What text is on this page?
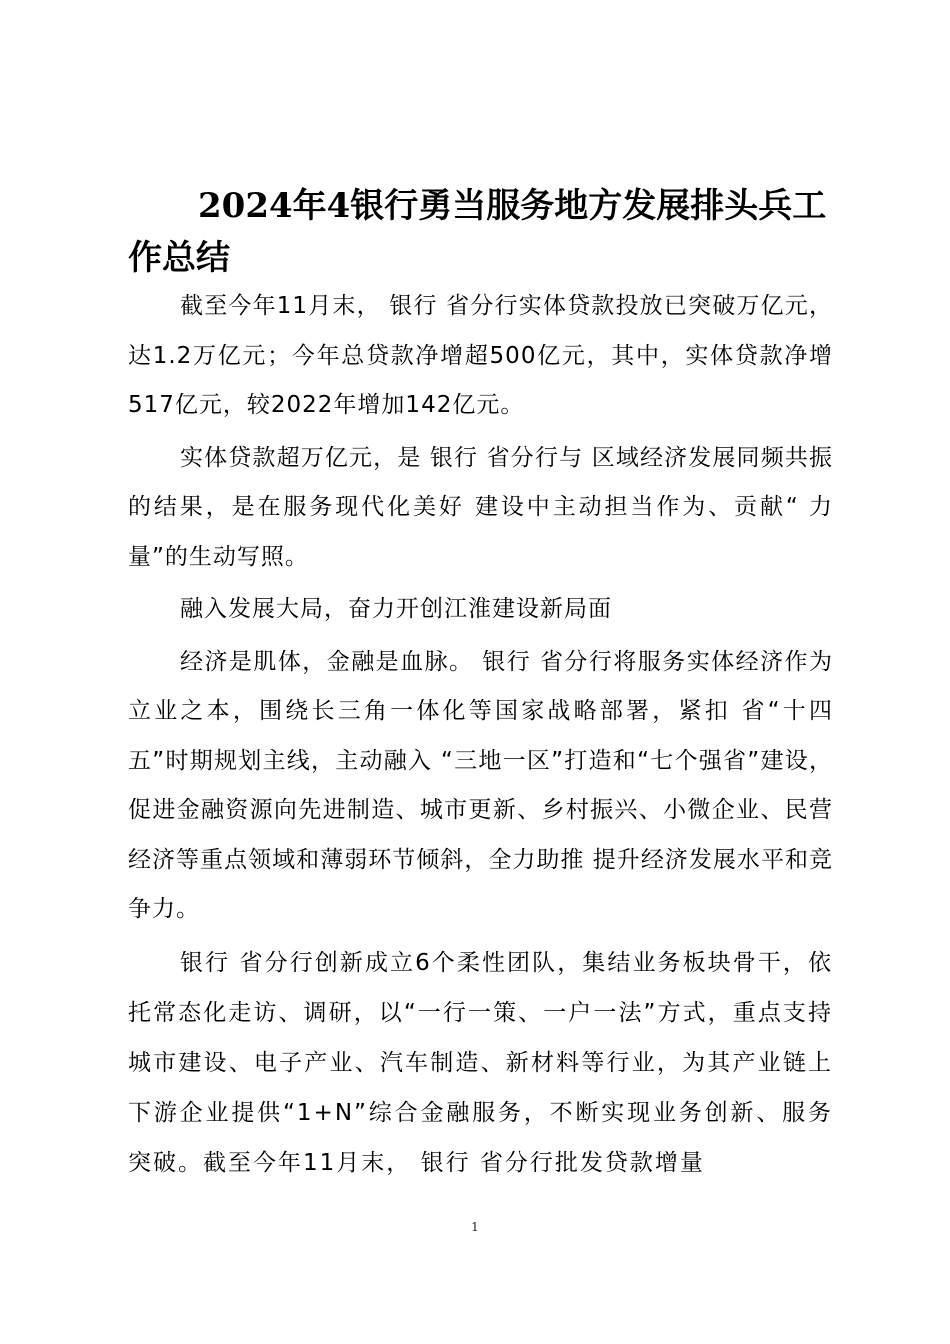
2024年4银行勇当服务地方发展排头兵工作总结

截至今年11月末， 银行 省分行实体贷款投放已突破万亿元，达1.2万亿元；今年总贷款净增超500亿元，其中，实体贷款净增517亿元，较2022年增加142亿元。

实体贷款超万亿元，是 银行 省分行与 区域经济发展同频共振的结果，是在服务现代化美好 建设中主动担当作为、贡献“ 力量”的生动写照。

融入发展大局，奋力开创江淮建设新局面

经济是肌体，金融是血脉。 银行 省分行将服务实体经济作为立业之本，围绕长三角一体化等国家战略部署，紧扣 省“十四五”时期规划主线，主动融入 “三地一区”打造和“七个强省”建设，促进金融资源向先进制造、城市更新、乡村振兴、小微企业、民营经济等重点领域和薄弱环节倾斜，全力助推 提升经济发展水平和竞争力。

银行 省分行创新成立6个柔性团队，集结业务板块骨干，依托常态化走访、调研，以“一行一策、一户一法”方式，重点支持城市建设、电子产业、汽车制造、新材料等行业，为其产业链上下游企业提供“1+N”综合金融服务，不断实现业务创新、服务突破。截至今年11月末， 银行 省分行批发贷款增量

1
